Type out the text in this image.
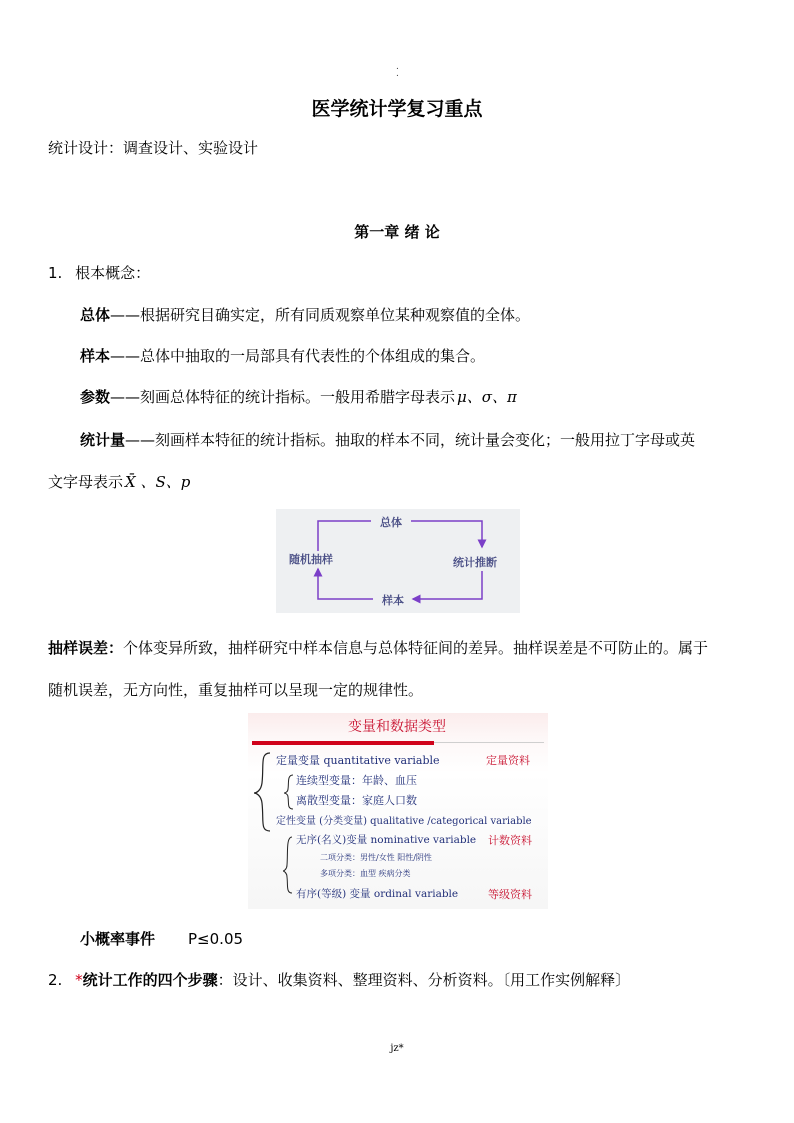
.
.
医学统计学复习重点
统计设计：调查设计、实验设计
第一章 绪 论
1. 根本概念：
总体——根据研究目确实定，所有同质观察单位某种观察值的全体。
样本——总体中抽取的一局部具有代表性的个体组成的集合。
参数——刻画总体特征的统计指标。一般用希腊字母表示 μ、σ、π
统计量——刻画样本特征的统计指标。抽取的样本不同，统计量会变化；一般用拉丁字母或英
文字母表示 X̄ 、S、p
总体
随机抽样	统计推断
样本
抽样误差：个体变异所致，抽样研究中样本信息与总体特征间的差异。抽样误差是不可防止的。属于
随机误差，无方向性，重复抽样可以呈现一定的规律性。
变量和数据类型
定量变量 quantitative variable	定量资料
连续型变量：年龄、血压
离散型变量：家庭人口数
定性变量 (分类变量) qualitative /categorical variable
无序(名义)变量 nominative variable 计数资料
二项分类：男性/女性 阳性/阴性
多项分类：血型 疾病分类
有序(等级) 变量 ordinal variable	等级资料
小概率事件 P≤0.05
2. *统计工作的四个步骤：设计、收集资料、整理资料、分析资料。〔用工作实例解释〕
jz*
